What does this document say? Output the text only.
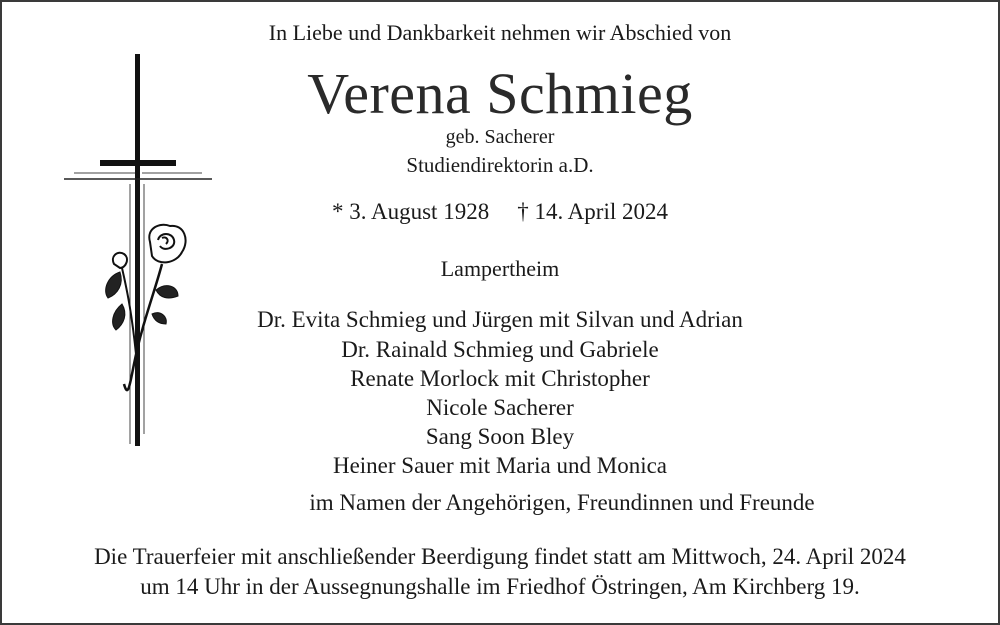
In Liebe und Dankbarkeit nehmen wir Abschied von
Verena Schmieg
geb. Sacherer
Studiendirektorin a.D.
* 3. August 1928 † 14. April 2024
Lampertheim
Dr. Evita Schmieg und Jürgen mit Silvan und Adrian
Dr. Rainald Schmieg und Gabriele
Renate Morlock mit Christopher
Nicole Sacherer
Sang Soon Bley
Heiner Sauer mit Maria und Monica
im Namen der Angehörigen, Freundinnen und Freunde
Die Trauerfeier mit anschließender Beerdigung findet statt am Mittwoch, 24. April 2024
um 14 Uhr in der Aussegnungshalle im Friedhof Östringen, Am Kirchberg 19.
